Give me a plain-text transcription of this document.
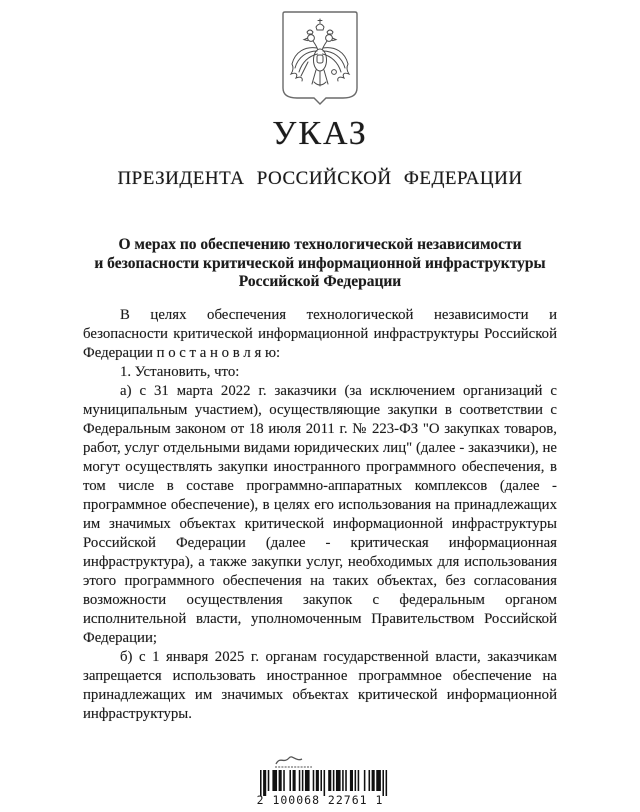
УКАЗ
ПРЕЗИДЕНТА РОССИЙСКОЙ ФЕДЕРАЦИИ
О мерах по обеспечению технологической независимости
и безопасности критической информационной инфраструктуры
Российской Федерации

В целях обеспечения технологической независимости и безопасности критической информационной инфраструктуры Российской Федерации п о с т а н о в л я ю:

1. Установить, что:

а) с 31 марта 2022 г. заказчики (за исключением организаций с муниципальным участием), осуществляющие закупки в соответствии с Федеральным законом от 18 июля 2011 г. № 223-ФЗ "О закупках товаров, работ, услуг отдельными видами юридических лиц" (далее - заказчики), не могут осуществлять закупки иностранного программного обеспечения, в том числе в составе программно-аппаратных комплексов (далее - программное обеспечение), в целях его использования на принадлежащих им значимых объектах критической информационной инфраструктуры Российской Федерации (далее - критическая информационная инфраструктура), а также закупки услуг, необходимых для использования этого программного обеспечения на таких объектах, без согласования возможности осуществления закупок с федеральным органом исполнительной власти, уполномоченным Правительством Российской Федерации;

б) с 1 января 2025 г. органам государственной власти, заказчикам запрещается использовать иностранное программное обеспечение на принадлежащих им значимых объектах критической информационной инфраструктуры.

2 100068 22761 1
